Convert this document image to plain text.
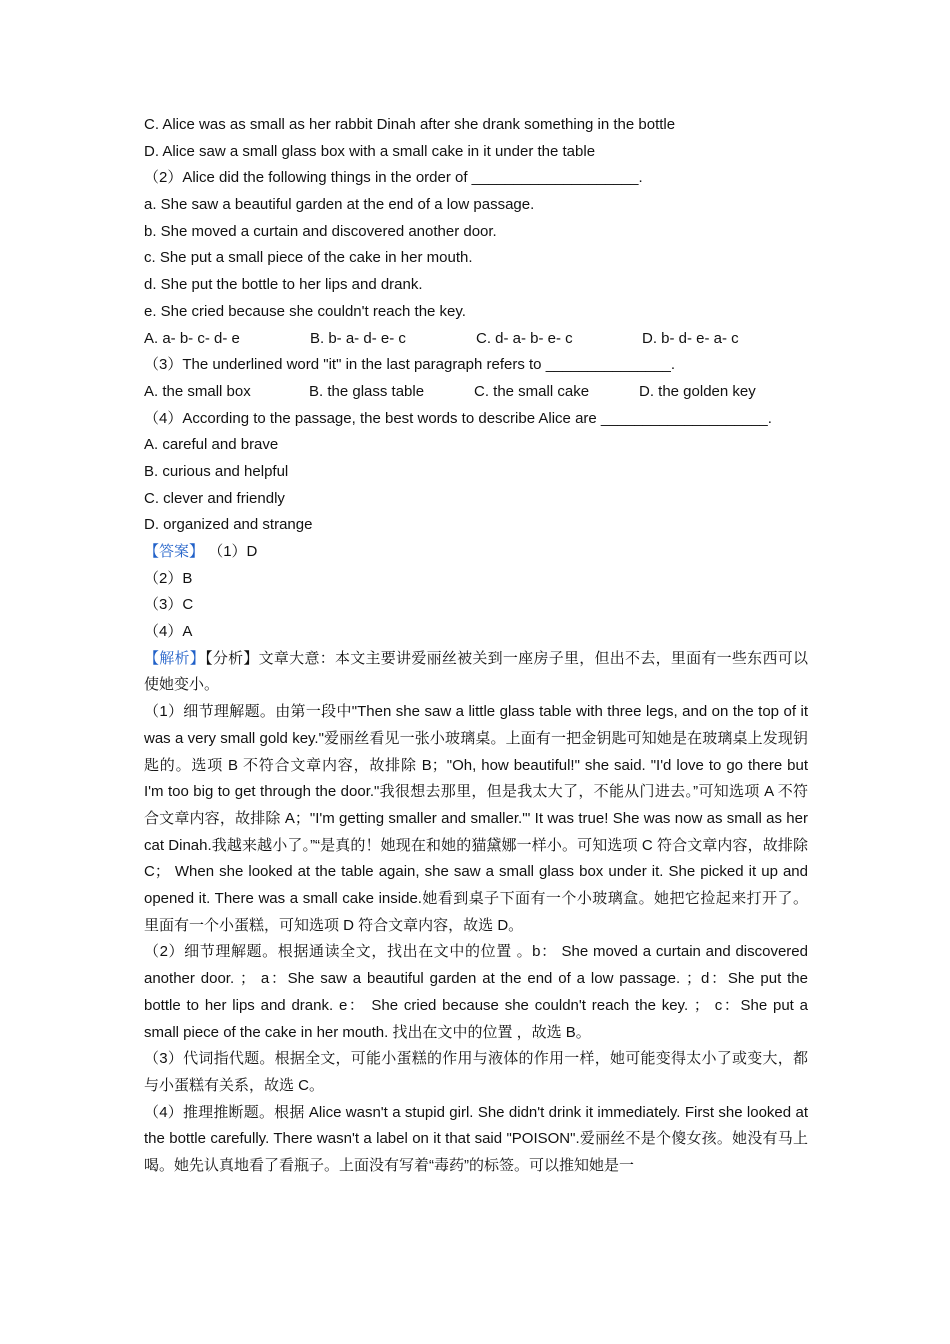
C. Alice was as small as her rabbit Dinah after she drank something in the bottle
D. Alice saw a small glass box with a small cake in it under the table
（2）Alice did the following things in the order of ____________________.
a. She saw a beautiful garden at the end of a low passage.
b. She moved a curtain and discovered another door.
c. She put a small piece of the cake in her mouth.
d. She put the bottle to her lips and drank.
e. She cried because she couldn't reach the key.
A. a- b- c- d- e	B. b- a- d- e- c	C. d- a- b- e- c	D. b- d- e- a- c
（3）The underlined word "it" in the last paragraph refers to _______________.
A. the small box	B. the glass table	C. the small cake	D. the golden key
（4）According to the passage, the best words to describe Alice are ____________________.
A. careful and brave
B. curious and helpful
C. clever and friendly
D. organized and strange
【答案】 （1）D
（2）B
（3）C
（4）A

【解析】【分析】文章大意：本文主要讲爱丽丝被关到一座房子里，但出不去，里面有一些东西可以使她变小。

（1）细节理解题。由第一段中"Then she saw a little glass table with three legs, and on the top of it was a very small gold key."爱丽丝看见一张小玻璃桌。上面有一把金钥匙可知她是在玻璃桌上发现钥匙的。选项 B 不符合文章内容，故排除 B；"Oh, how beautiful!" she said. "I'd love to go there but I'm too big to get through the door."我很想去那里，但是我太大了，不能从门进去。”可知选项 A 不符合文章内容，故排除 A；"I'm getting smaller and smaller.'" It was true! She was now as small as her cat Dinah.我越来越小了。”“是真的！她现在和她的猫黛娜一样小。可知选项 C 符合文章内容，故排除 C； When she looked at the table again, she saw a small glass box under it. She picked it up and opened it. There was a small cake inside.她看到桌子下面有一个小玻璃盒。她把它捡起来打开了。里面有一个小蛋糕，可知选项 D 符合文章内容，故选 D。

（2）细节理解题。根据通读全文，找出在文中的位置 。b： She moved a curtain and discovered another door. ； a：She saw a beautiful garden at the end of a low passage. ；d：She put the bottle to her lips and drank. e： She cried because she couldn't reach the key. ； c：She put a small piece of the cake in her mouth. 找出在文中的位置 ，故选 B。

（3）代词指代题。根据全文，可能小蛋糕的作用与液体的作用一样，她可能变得太小了或变大，都与小蛋糕有关系，故选 C。

（4）推理推断题。根据 Alice wasn't a stupid girl. She didn't drink it immediately. First she looked at the bottle carefully. There wasn't a label on it that said "POISON".爱丽丝不是个傻女孩。她没有马上喝。她先认真地看了看瓶子。上面没有写着“毒药”的标签。可以推知她是一
